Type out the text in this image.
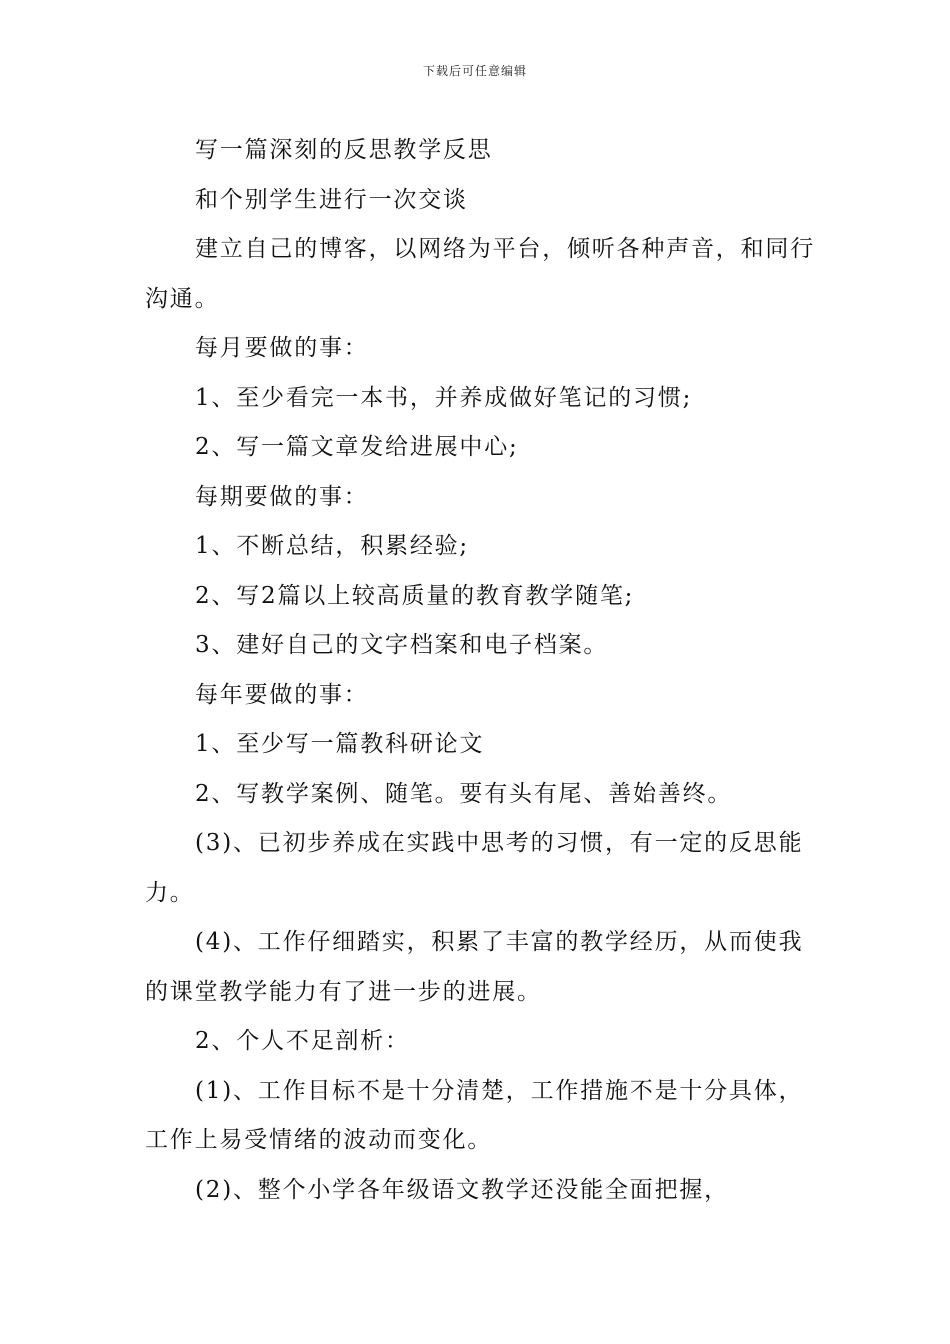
下载后可任意编辑

写一篇深刻的反思教学反思

和个别学生进行一次交谈

建立自己的博客，以网络为平台，倾听各种声音，和同行沟通。

每月要做的事：

1、至少看完一本书，并养成做好笔记的习惯;

2、写一篇文章发给进展中心;

每期要做的事：

1、不断总结，积累经验;

2、写2篇以上较高质量的教育教学随笔;

3、建好自己的文字档案和电子档案。

每年要做的事：

1、至少写一篇教科研论文

2、写教学案例、随笔。要有头有尾、善始善终。

(3)、已初步养成在实践中思考的习惯，有一定的反思能力。

(4)、工作仔细踏实，积累了丰富的教学经历，从而使我的课堂教学能力有了进一步的进展。

2、个人不足剖析：

(1)、工作目标不是十分清楚，工作措施不是十分具体，工作上易受情绪的波动而变化。

(2)、整个小学各年级语文教学还没能全面把握，
